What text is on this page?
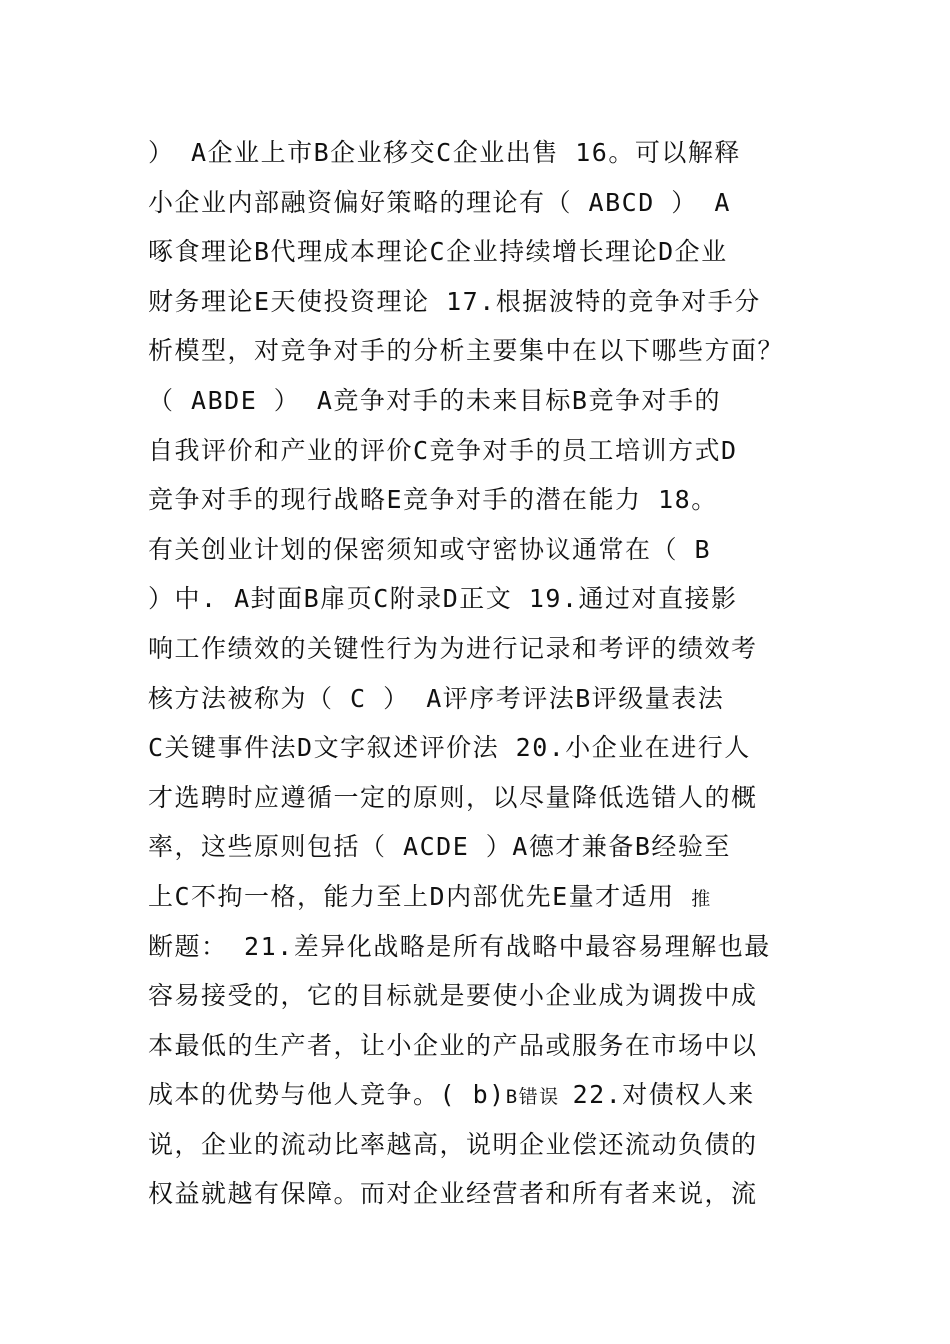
） A企业上市B企业移交C企业出售 16。可以解释
小企业内部融资偏好策略的理论有（ ABCD ） A
啄食理论B代理成本理论C企业持续增长理论D企业
财务理论E天使投资理论 17.根据波特的竞争对手分
析模型，对竞争对手的分析主要集中在以下哪些方面？
（ ABDE ） A竞争对手的未来目标B竞争对手的
自我评价和产业的评价C竞争对手的员工培训方式D
竞争对手的现行战略E竞争对手的潜在能力 18。
有关创业计划的保密须知或守密协议通常在（ B
）中. A封面B扉页C附录D正文 19.通过对直接影
响工作绩效的关键性行为为进行记录和考评的绩效考
核方法被称为（ C ） A评序考评法B评级量表法
C关键事件法D文字叙述评价法 20.小企业在进行人
才选聘时应遵循一定的原则，以尽量降低选错人的概
率，这些原则包括（ ACDE ）A德才兼备B经验至
上C不拘一格，能力至上D内部优先E量才适用 推
断题： 21.差异化战略是所有战略中最容易理解也最
容易接受的，它的目标就是要使小企业成为调拨中成
本最低的生产者，让小企业的产品或服务在市场中以
成本的优势与他人竞争。( b)B错误 22.对债权人来
说，企业的流动比率越高，说明企业偿还流动负债的
权益就越有保障。而对企业经营者和所有者来说，流
